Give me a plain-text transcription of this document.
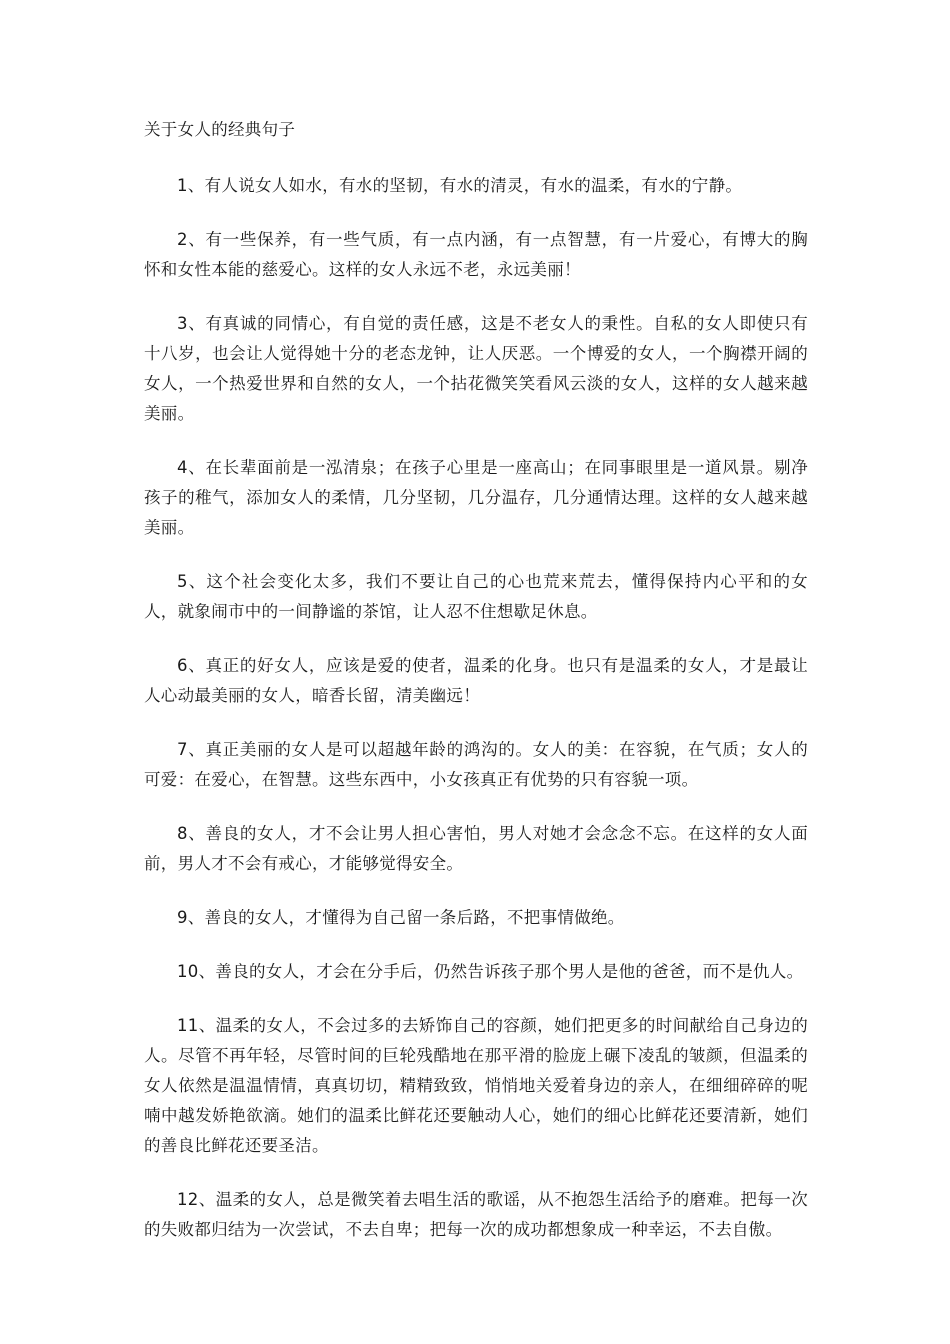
关于女人的经典句子

1、有人说女人如水，有水的坚韧，有水的清灵，有水的温柔，有水的宁静。

2、有一些保养，有一些气质，有一点内涵，有一点智慧，有一片爱心，有博大的胸怀和女性本能的慈爱心。这样的女人永远不老，永远美丽！

3、有真诚的同情心，有自觉的责任感，这是不老女人的秉性。自私的女人即使只有十八岁，也会让人觉得她十分的老态龙钟，让人厌恶。一个博爱的女人，一个胸襟开阔的女人，一个热爱世界和自然的女人，一个拈花微笑笑看风云淡的女人，这样的女人越来越美丽。

4、在长辈面前是一泓清泉；在孩子心里是一座高山；在同事眼里是一道风景。剔净孩子的稚气，添加女人的柔情，几分坚韧，几分温存，几分通情达理。这样的女人越来越美丽。

5、这个社会变化太多，我们不要让自己的心也荒来荒去，懂得保持内心平和的女人，就象闹市中的一间静谧的茶馆，让人忍不住想歇足休息。

6、真正的好女人，应该是爱的使者，温柔的化身。也只有是温柔的女人，才是最让人心动最美丽的女人，暗香长留，清美幽远！

7、真正美丽的女人是可以超越年龄的鸿沟的。女人的美：在容貌，在气质；女人的可爱：在爱心，在智慧。这些东西中，小女孩真正有优势的只有容貌一项。

8、善良的女人，才不会让男人担心害怕，男人对她才会念念不忘。在这样的女人面前，男人才不会有戒心，才能够觉得安全。

9、善良的女人，才懂得为自己留一条后路，不把事情做绝。

10、善良的女人，才会在分手后，仍然告诉孩子那个男人是他的爸爸，而不是仇人。

11、温柔的女人，不会过多的去矫饰自己的容颜，她们把更多的时间献给自己身边的人。尽管不再年轻，尽管时间的巨轮残酷地在那平滑的脸庞上碾下凌乱的皱颜，但温柔的女人依然是温温情情，真真切切，精精致致，悄悄地关爱着身边的亲人，在细细碎碎的呢喃中越发娇艳欲滴。她们的温柔比鲜花还要触动人心，她们的细心比鲜花还要清新，她们的善良比鲜花还要圣洁。

12、温柔的女人，总是微笑着去唱生活的歌谣，从不抱怨生活给予的磨难。把每一次的失败都归结为一次尝试，不去自卑；把每一次的成功都想象成一种幸运，不去自傲。
